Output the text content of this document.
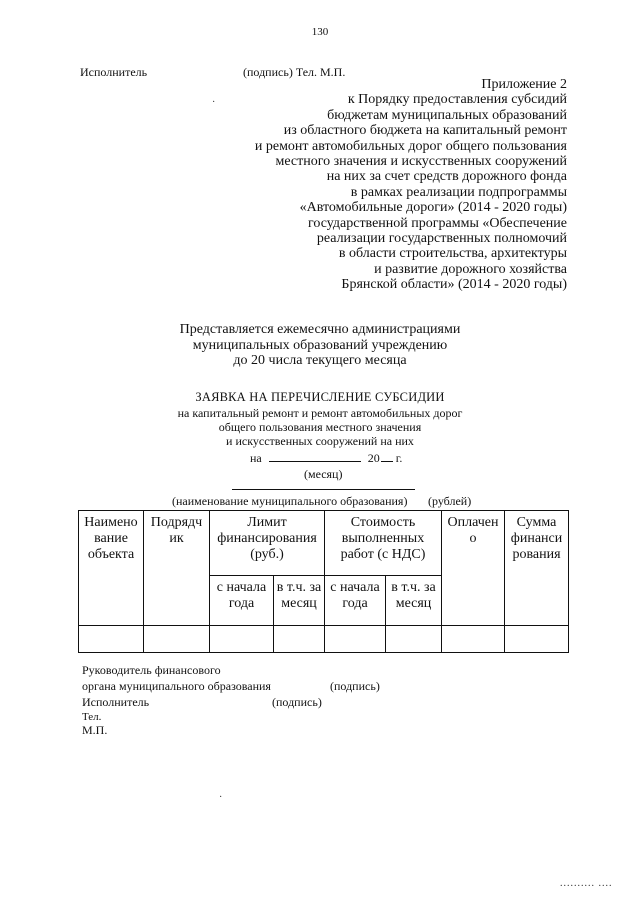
130
Исполнитель	(подпись) Тел. М.П.
Приложение 2
к Порядку предоставления субсидий
бюджетам муниципальных образований
из областного бюджета на капитальный ремонт
и ремонт автомобильных дорог общего пользования
местного значения и искусственных сооружений
на них за счет средств дорожного фонда
в рамках реализации подпрограммы
«Автомобильные дороги» (2014 - 2020 годы)
государственной программы «Обеспечение
реализации государственных полномочий
в области строительства, архитектуры
и развитие дорожного хозяйства
Брянской области» (2014 - 2020 годы)
Представляется ежемесячно администрациями
муниципальных образований учреждению
до 20 числа текущего месяца
ЗАЯВКА НА ПЕРЕЧИСЛЕНИЕ СУБСИДИИ
на капитальный ремонт и ремонт автомобильных дорог
общего пользования местного значения
и искусственных сооружений на них
на	20 г.
(месяц)
(наименование муниципального образования) (рублей)
Наимено вание объекта	Подрядч ик	Лимит финансирования (руб.)		Стоимость выполненных работ (с НДС)		Оплачен о	Сумма финанси рования
		с начала года	в т.ч. за месяц	с начала года	в т.ч. за месяц		

Руководитель финансового
органа муниципального образования	(подпись)
Исполнитель	(подпись)
Тел.
М.П.
·
·
.......... ....
